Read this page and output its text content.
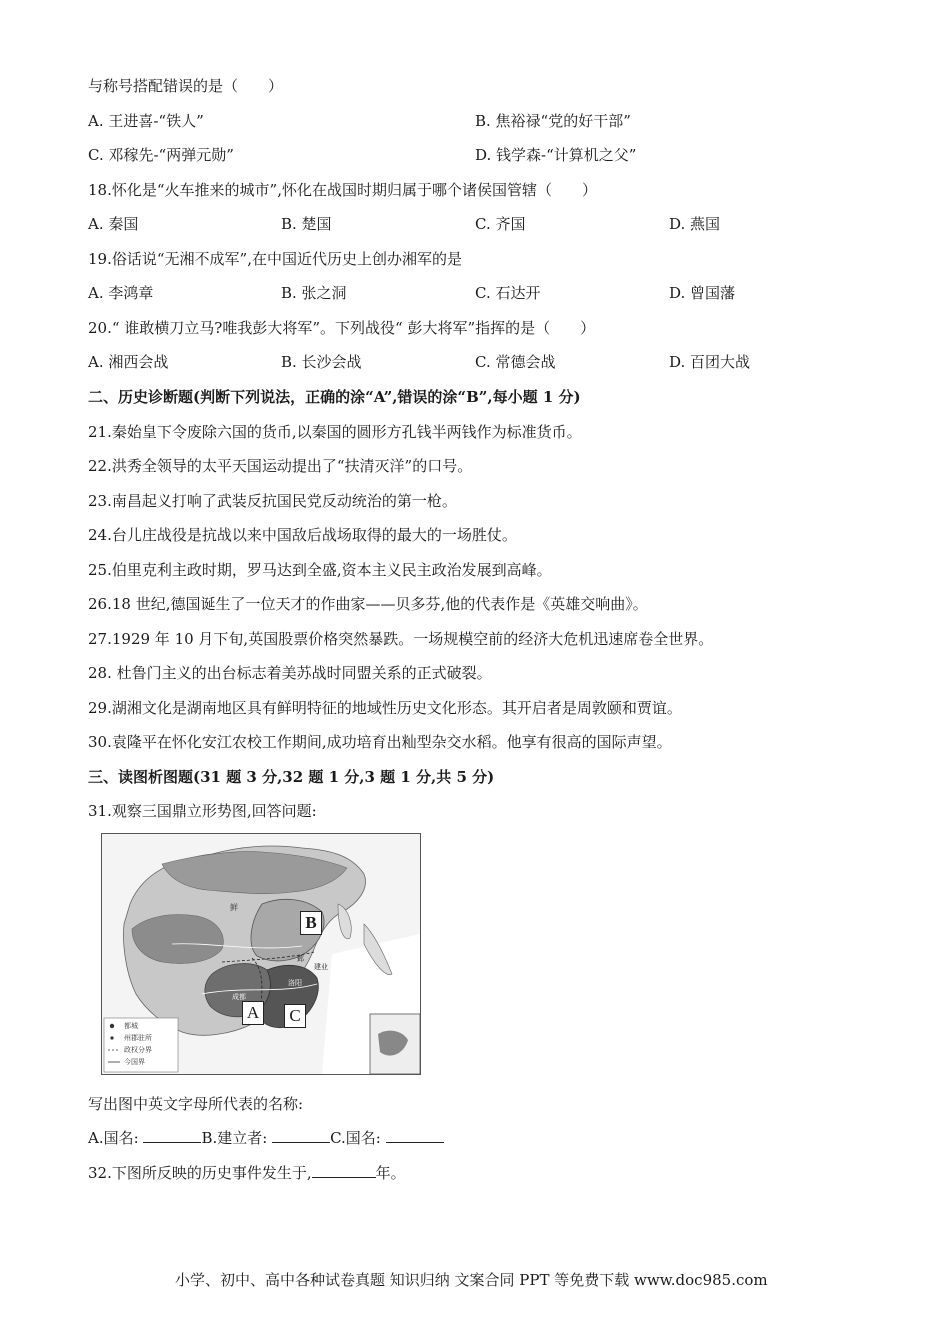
与称号搭配错误的是（　　）
A. 王进喜-“铁人”	B. 焦裕禄“党的好干部”
C. 邓稼先-“两弹元勋”	D. 钱学森-“计算机之父”
18.怀化是“火车推来的城市”,怀化在战国时期归属于哪个诸侯国管辖（　　）
A. 秦国	B. 楚国	C. 齐国	D. 燕国
19.俗话说“无湘不成军”,在中国近代历史上创办湘军的是
A. 李鸿章	B. 张之洞	C. 石达开	D. 曾国藩
20.“ 谁敢横刀立马?唯我彭大将军”。下列战役“ 彭大将军”指挥的是（　　）
A. 湘西会战	B. 长沙会战	C. 常德会战	D. 百团大战
二、历史诊断题(判断下列说法，正确的涂“A”,错误的涂“B”,每小题 1 分)
21.秦始皇下令废除六国的货币,以秦国的圆形方孔钱半两钱作为标准货币。
22.洪秀全领导的太平天国运动提出了“扶清灭洋”的口号。
23.南昌起义打响了武装反抗国民党反动统治的第一枪。
24.台儿庄战役是抗战以来中国敌后战场取得的最大的一场胜仗。
25.伯里克利主政时期，罗马达到全盛,资本主义民主政治发展到高峰。
26.18 世纪,德国诞生了一位天才的作曲家——贝多芬,他的代表作是《英雄交响曲》。
27.1929 年 10 月下旬,英国股票价格突然暴跌。一场规模空前的经济大危机迅速席卷全世界。
28. 杜鲁门主义的出台标志着美苏战时同盟关系的正式破裂。
29.湖湘文化是湖南地区具有鲜明特征的地域性历史文化形态。其开启者是周敦颐和贾谊。
30.袁隆平在怀化安江农校工作期间,成功培育出籼型杂交水稻。他享有很高的国际声望。
三、读图析图题(31 题 3 分,32 题 1 分,3 题 1 分,共 5 分)
31.观察三国鼎立形势图,回答问题:
B
A	C
鲜
邺
洛阳
建业
成都
都城
州郡驻所
政权分界
今国界
写出图中英文字母所代表的名称:
A.国名:	B.建立者:	C.国名:
32.下图所反映的历史事件发生于,	年。
小学、初中、高中各种试卷真题 知识归纳 文案合同 PPT 等免费下载 www.doc985.com
